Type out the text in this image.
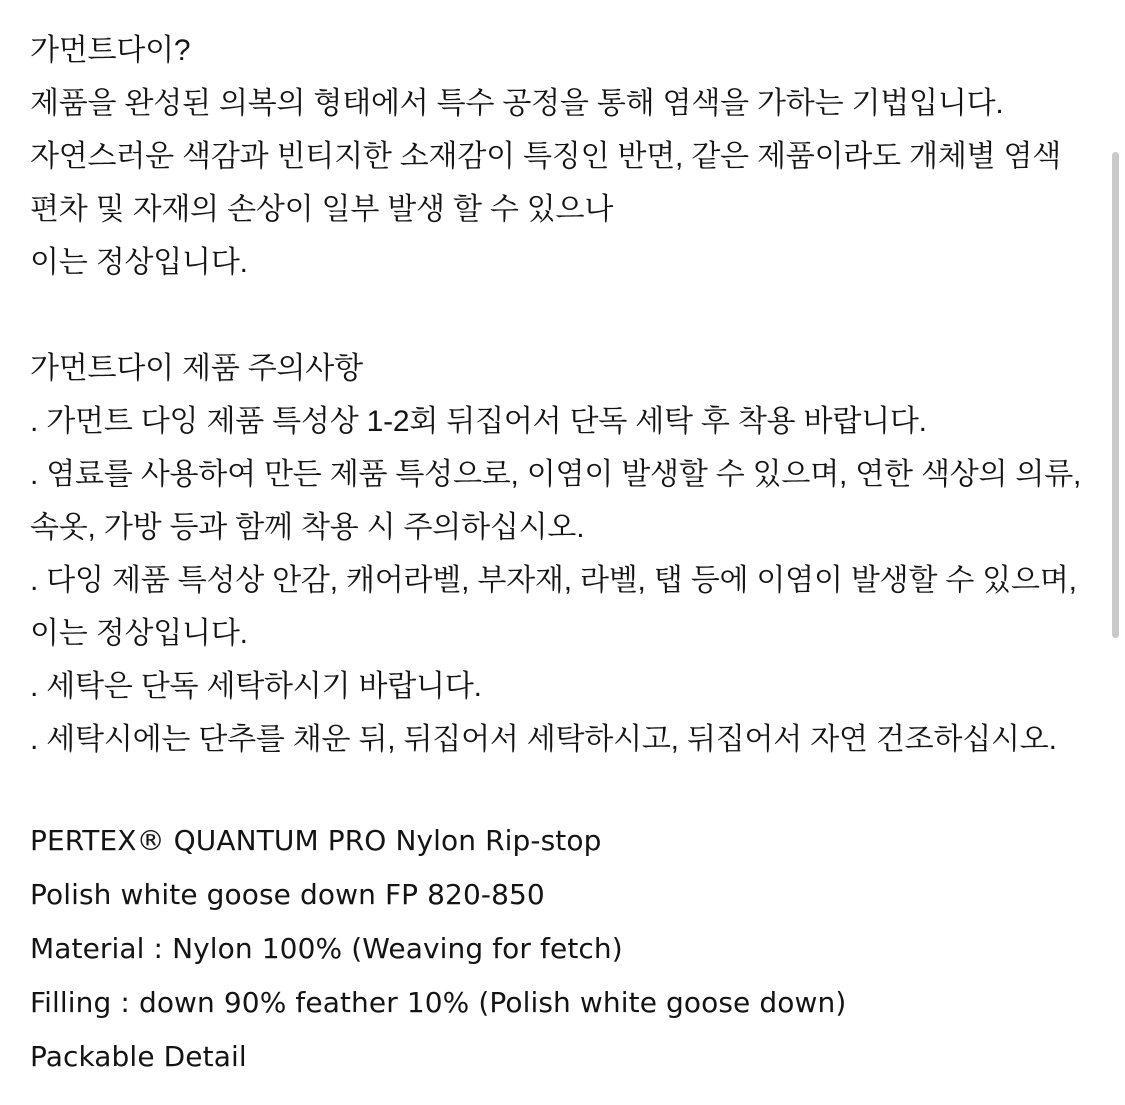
가먼트다이?
제품을 완성된 의복의 형태에서 특수 공정을 통해 염색을 가하는 기법입니다.
자연스러운 색감과 빈티지한 소재감이 특징인 반면, 같은 제품이라도 개체별 염색
편차 및 자재의 손상이 일부 발생 할 수 있으나
이는 정상입니다.
가먼트다이 제품 주의사항
. 가먼트 다잉 제품 특성상 1-2회 뒤집어서 단독 세탁 후 착용 바랍니다.
. 염료를 사용하여 만든 제품 특성으로, 이염이 발생할 수 있으며, 연한 색상의 의류,
속옷, 가방 등과 함께 착용 시 주의하십시오.
. 다잉 제품 특성상 안감, 캐어라벨, 부자재, 라벨, 탭 등에 이염이 발생할 수 있으며,
이는 정상입니다.
. 세탁은 단독 세탁하시기 바랍니다.
. 세탁시에는 단추를 채운 뒤, 뒤집어서 세탁하시고, 뒤집어서 자연 건조하십시오.
PERTEX® QUANTUM PRO Nylon Rip-stop
Polish white goose down FP 820-850
Material : Nylon 100% (Weaving for fetch)
Filling : down 90% feather 10% (Polish white goose down)
Packable Detail
